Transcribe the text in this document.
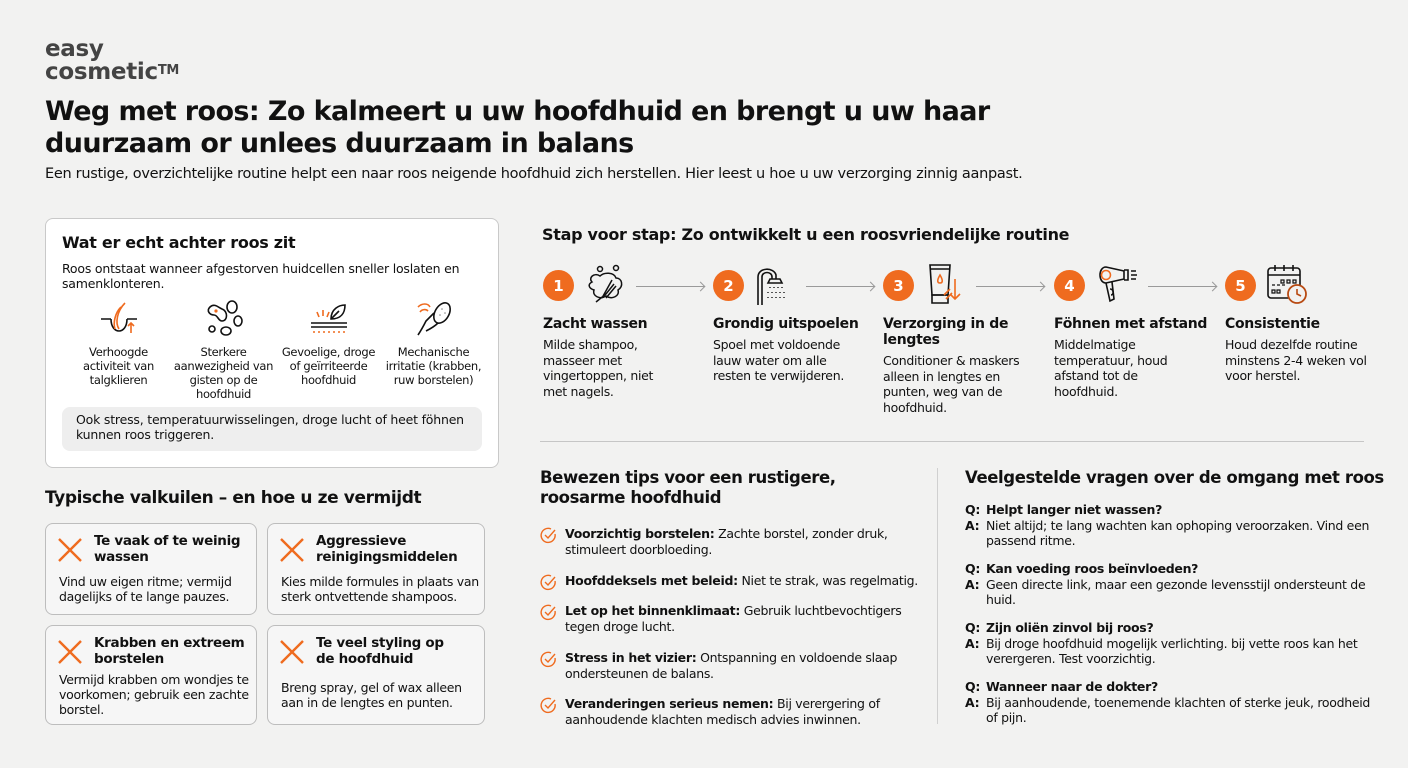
easy
cosmetic™
Weg met roos: Zo kalmeert u uw hoofdhuid en brengt u uw haar duurzaam or unlees duurzaam in balans

Een rustige, overzichtelijke routine helpt een naar roos neigende hoofdhuid zich herstellen. Hier leest u hoe u uw verzorging zinnig aanpast.

Wat er echt achter roos zit

Roos ontstaat wanneer afgestorven huidcellen sneller loslaten en samenklonteren.

Verhoogde activiteit van talgklieren
Sterkere aanwezigheid van gisten op de hoofdhuid
Gevoelige, droge of geïrriteerde hoofdhuid
Mechanische irritatie (krabben, ruw borstelen)
Ook stress, temperatuurwisselingen, droge lucht of heet föhnen kunnen roos triggeren.
Typische valkuilen – en hoe u ze vermijdt
Te vaak of te weinig wassen
Vind uw eigen ritme; vermijd dagelijks of te lange pauzes.
Aggressieve reinigingsmiddelen
Kies milde formules in plaats van sterk ontvettende shampoos.
Krabben en extreem borstelen
Vermijd krabben om wondjes te voorkomen; gebruik een zachte borstel.
Te veel styling op de hoofdhuid
Breng spray, gel of wax alleen aan in de lengtes en punten.
Stap voor stap: Zo ontwikkelt u een roosvriendelijke routine
1
Zacht wassen
Milde shampoo, masseer met vingertoppen, niet met nagels.
2
Grondig uitspoelen
Spoel met voldoende lauw water om alle resten te verwijderen.
3
Verzorging in de lengtes
Conditioner & maskers alleen in lengtes en punten, weg van de hoofdhuid.
4
Föhnen met afstand
Middelmatige temperatuur, houd afstand tot de hoofdhuid.
5
Consistentie
Houd dezelfde routine minstens 2-4 weken vol voor herstel.
Bewezen tips voor een rustigere, roosarme hoofdhuid
Voorzichtig borstelen: Zachte borstel, zonder druk, stimuleert doorbloeding.
Hoofddeksels met beleid: Niet te strak, was regelmatig.
Let op het binnenklimaat: Gebruik luchtbevochtigers tegen droge lucht.
Stress in het vizier: Ontspanning en voldoende slaap ondersteunen de balans.
Veranderingen serieus nemen: Bij verergering of aanhoudende klachten medisch advies inwinnen.
Veelgestelde vragen over de omgang met roos
Q: Helpt langer niet wassen?
A: Niet altijd; te lang wachten kan ophoping veroorzaken. Vind een passend ritme.
Q: Kan voeding roos beïnvloeden?
A: Geen directe link, maar een gezonde levensstijl ondersteunt de huid.
Q: Zijn oliën zinvol bij roos?
A: Bij droge hoofdhuid mogelijk verlichting. bij vette roos kan het verergeren. Test voorzichtig.
Q: Wanneer naar de dokter?
A: Bij aanhoudende, toenemende klachten of sterke jeuk, roodheid of pijn.
